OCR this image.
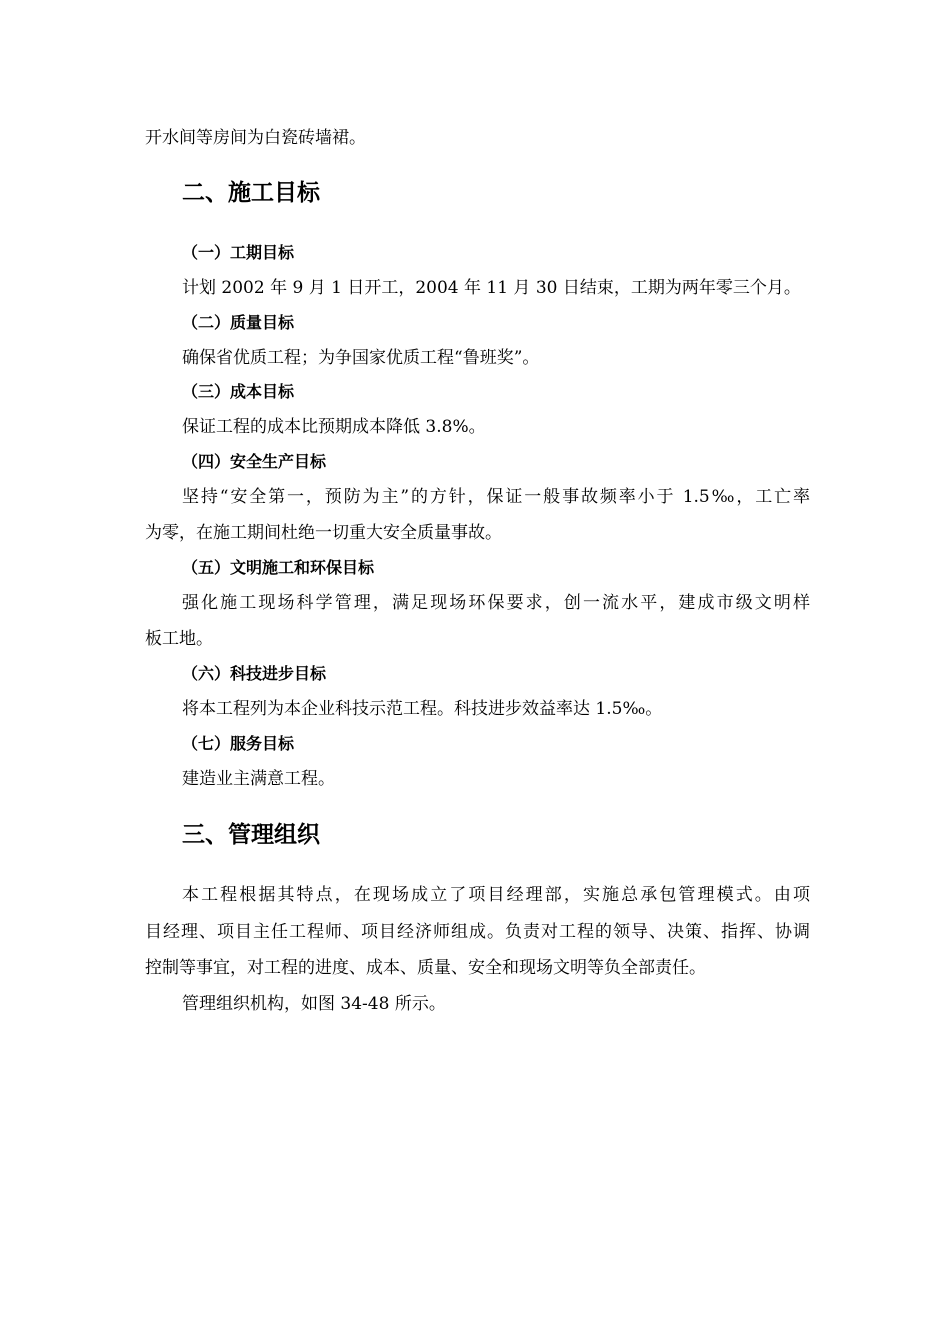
开水间等房间为白瓷砖墙裙。
二、施工目标
（一）工期目标
计划 2002 年 9 月 1 日开工，2004 年 11 月 30 日结束，工期为两年零三个月。
（二）质量目标
确保省优质工程；为争国家优质工程“鲁班奖”。
（三）成本目标
保证工程的成本比预期成本降低 3.8%。
（四）安全生产目标
坚持“安全第一，预防为主”的方针，保证一般事故频率小于 1.5‰，工亡率
为零，在施工期间杜绝一切重大安全质量事故。
（五）文明施工和环保目标
强化施工现场科学管理，满足现场环保要求，创一流水平，建成市级文明样
板工地。
（六）科技进步目标
将本工程列为本企业科技示范工程。科技进步效益率达 1.5‰。
（七）服务目标
建造业主满意工程。
三、管理组织
本工程根据其特点，在现场成立了项目经理部，实施总承包管理模式。由项
目经理、项目主任工程师、项目经济师组成。负责对工程的领导、决策、指挥、协调
控制等事宜，对工程的进度、成本、质量、安全和现场文明等负全部责任。
管理组织机构，如图 34-48 所示。
